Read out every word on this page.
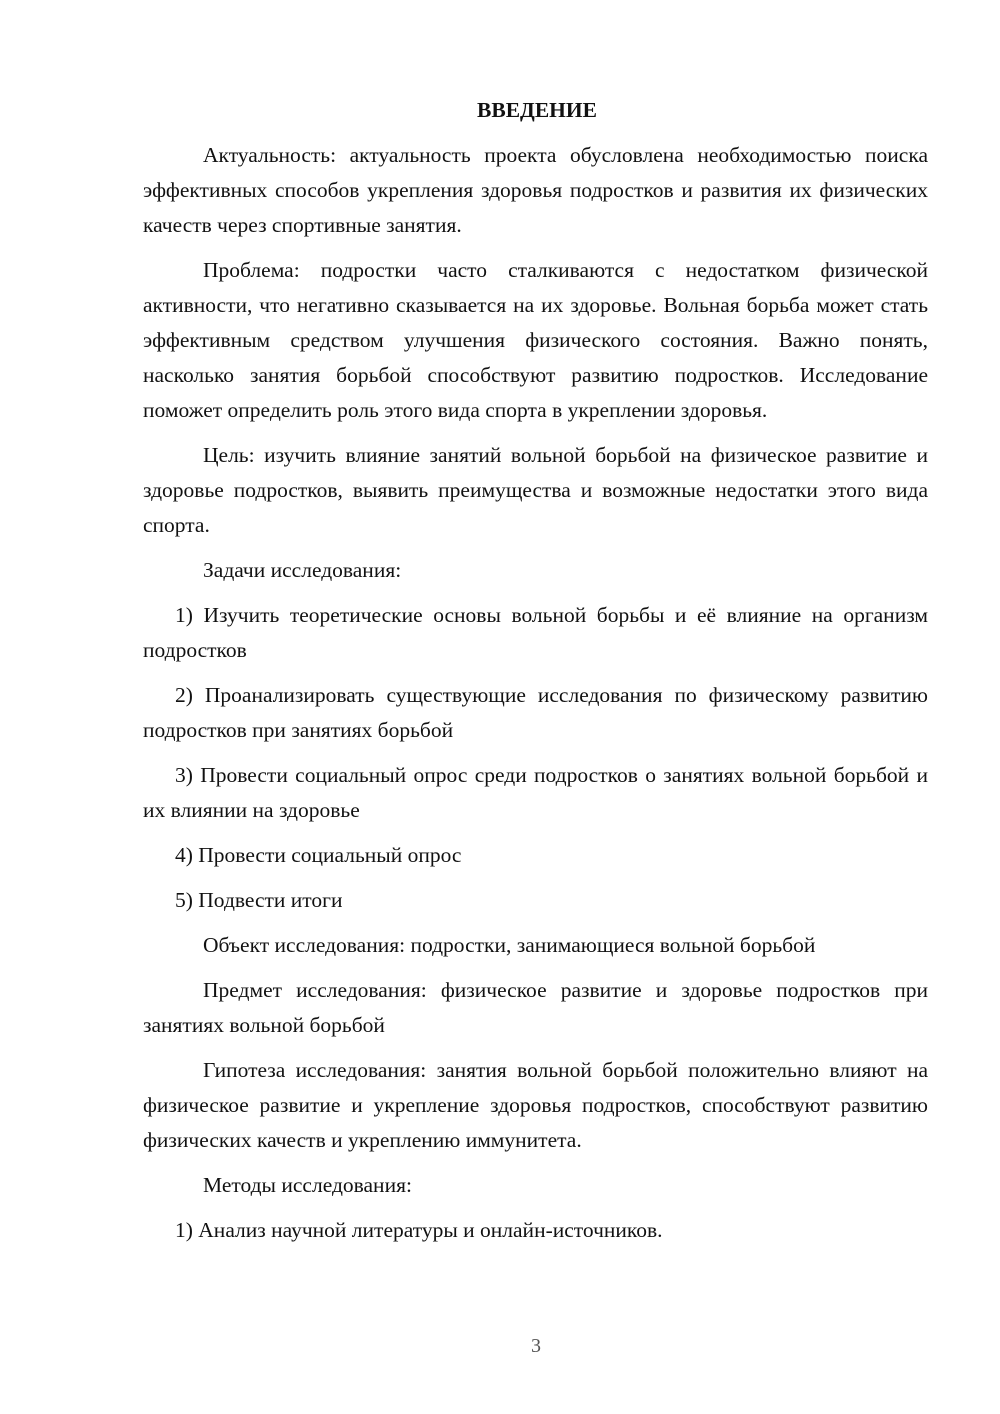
ВВЕДЕНИЕ

Актуальность: актуальность проекта обусловлена необходимостью поиска эффективных способов укрепления здоровья подростков и развития их физических качеств через спортивные занятия.

Проблема: подростки часто сталкиваются с недостатком физической активности, что негативно сказывается на их здоровье. Вольная борьба может стать эффективным средством улучшения физического состояния. Важно понять, насколько занятия борьбой способствуют развитию подростков. Исследование поможет определить роль этого вида спорта в укреплении здоровья.

Цель: изучить влияние занятий вольной борьбой на физическое развитие и здоровье подростков, выявить преимущества и возможные недостатки этого вида спорта.

Задачи исследования:

1) Изучить теоретические основы вольной борьбы и её влияние на организм подростков

2) Проанализировать существующие исследования по физическому развитию подростков при занятиях борьбой

3) Провести социальный опрос среди подростков о занятиях вольной борьбой и их влиянии на здоровье

4) Провести социальный опрос

5) Подвести итоги

Объект исследования: подростки, занимающиеся вольной борьбой

Предмет исследования: физическое развитие и здоровье подростков при занятиях вольной борьбой

Гипотеза исследования: занятия вольной борьбой положительно влияют на физическое развитие и укрепление здоровья подростков, способствуют развитию физических качеств и укреплению иммунитета.

Методы исследования:

1) Анализ научной литературы и онлайн-источников.

3
